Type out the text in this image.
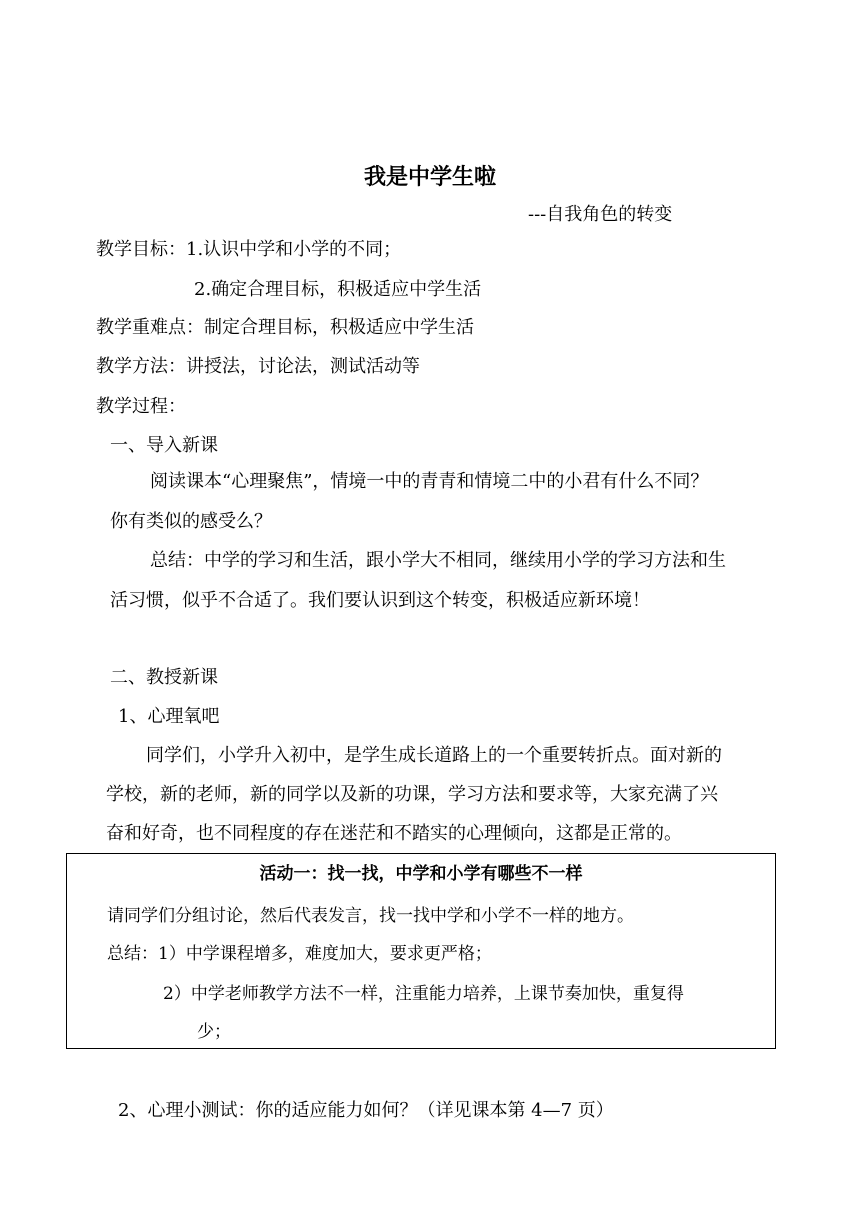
我是中学生啦
---自我角色的转变
教学目标：1.认识中学和小学的不同；
2.确定合理目标，积极适应中学生活
教学重难点：制定合理目标，积极适应中学生活
教学方法：讲授法，讨论法，测试活动等
教学过程：
一、导入新课
阅读课本“心理聚焦”，情境一中的青青和情境二中的小君有什么不同？
你有类似的感受么？
总结：中学的学习和生活，跟小学大不相同，继续用小学的学习方法和生
活习惯，似乎不合适了。我们要认识到这个转变，积极适应新环境！
二、教授新课
1、心理氧吧
同学们，小学升入初中，是学生成长道路上的一个重要转折点。面对新的
学校，新的老师，新的同学以及新的功课，学习方法和要求等，大家充满了兴
奋和好奇，也不同程度的存在迷茫和不踏实的心理倾向，这都是正常的。
活动一：找一找，中学和小学有哪些不一样
请同学们分组讨论，然后代表发言，找一找中学和小学不一样的地方。
总结：1）中学课程增多，难度加大，要求更严格；
2）中学老师教学方法不一样，注重能力培养，上课节奏加快，重复得
少；
2、心理小测试：你的适应能力如何？（详见课本第 4—7 页）
